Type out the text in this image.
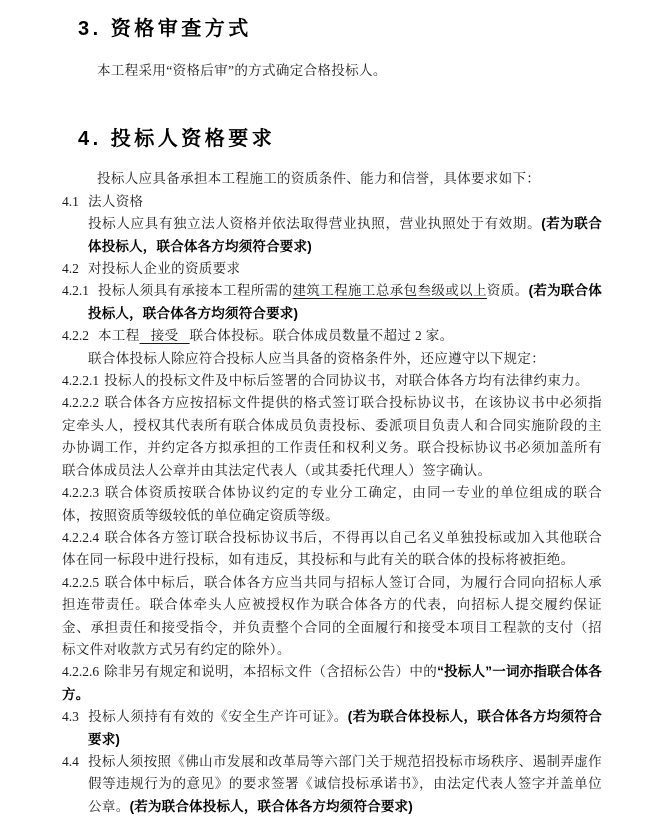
3. 资格审查方式

本工程采用“资格后审”的方式确定合格投标人。

4. 投标人资格要求

投标人应具备承担本工程施工的资质条件、能力和信誉，具体要求如下：

4.1 法人资格
投标人应具有独立法人资格并依法取得营业执照，营业执照处于有效期。(若为联合体投标人，联合体各方均须符合要求)

4.2 对投标人企业的资质要求

4.2.1 投标人须具有承接本工程所需的建筑工程施工总承包叁级或以上资质。(若为联合体投标人，联合体各方均须符合要求)

4.2.2 本工程   接受   联合体投标。联合体成员数量不超过 2 家。
联合体投标人除应符合投标人应当具备的资格条件外，还应遵守以下规定：

4.2.2.1 投标人的投标文件及中标后签署的合同协议书，对联合体各方均有法律约束力。

4.2.2.2 联合体各方应按招标文件提供的格式签订联合投标协议书，在该协议书中必须指定牵头人，授权其代表所有联合体成员负责投标、委派项目负责人和合同实施阶段的主办协调工作，并约定各方拟承担的工作责任和权利义务。联合投标协议书必须加盖所有联合体成员法人公章并由其法定代表人（或其委托代理人）签字确认。

4.2.2.3 联合体资质按联合体协议约定的专业分工确定，由同一专业的单位组成的联合体，按照资质等级较低的单位确定资质等级。

4.2.2.4 联合体各方签订联合投标协议书后，不得再以自己名义单独投标或加入其他联合体在同一标段中进行投标，如有违反，其投标和与此有关的联合体的投标将被拒绝。

4.2.2.5 联合体中标后，联合体各方应当共同与招标人签订合同，为履行合同向招标人承担连带责任。联合体牵头人应被授权作为联合体各方的代表，向招标人提交履约保证金、承担责任和接受指令，并负责整个合同的全面履行和接受本项目工程款的支付（招标文件对收款方式另有约定的除外）。

4.2.2.6 除非另有规定和说明，本招标文件（含招标公告）中的“投标人”一词亦指联合体各方。

4.3 投标人须持有有效的《安全生产许可证》。(若为联合体投标人，联合体各方均须符合要求)

4.4 投标人须按照《佛山市发展和改革局等六部门关于规范招投标市场秩序、遏制弄虚作假等违规行为的意见》的要求签署《诚信投标承诺书》，由法定代表人签字并盖单位公章。(若为联合体投标人，联合体各方均须符合要求)
